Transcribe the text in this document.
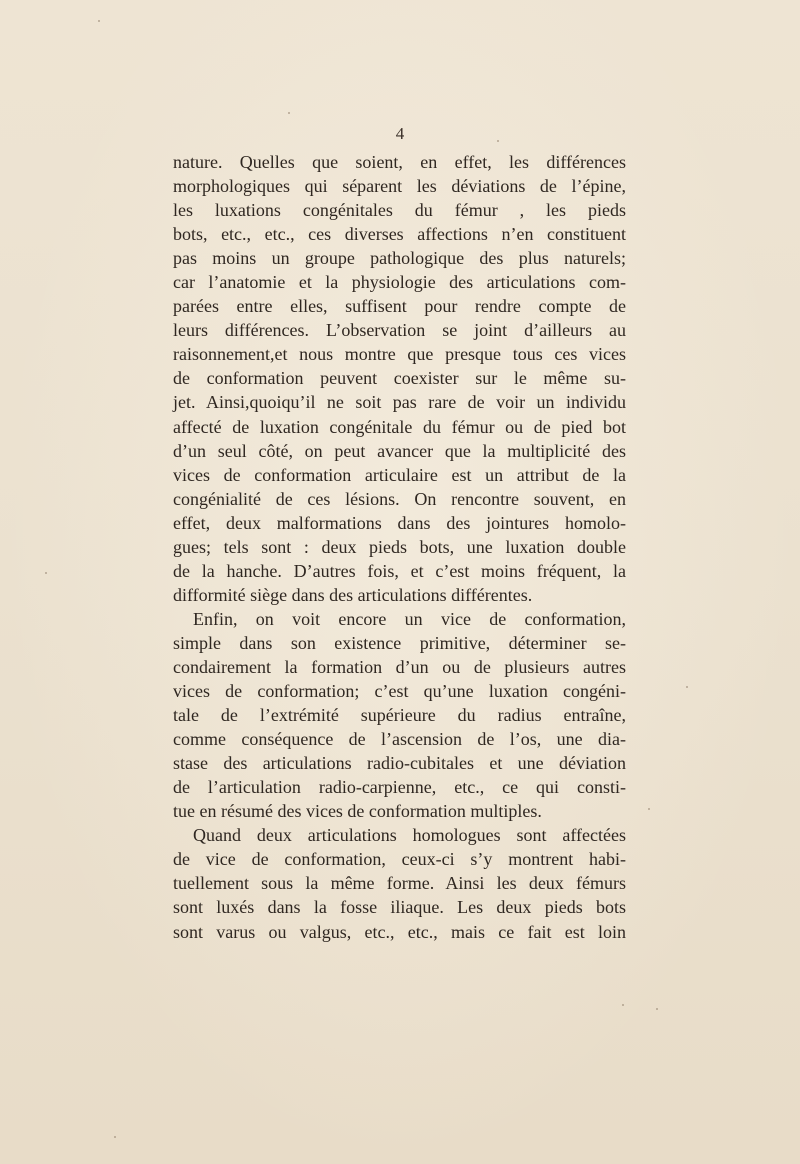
4
nature. Quelles que soient, en effet, les différences
morphologiques qui séparent les déviations de l’épine,
les luxations congénitales du fémur , les pieds
bots, etc., etc., ces diverses affections n’en constituent
pas moins un groupe pathologique des plus naturels;
car l’anatomie et la physiologie des articulations com-
parées entre elles, suffisent pour rendre compte de
leurs différences. L’observation se joint d’ailleurs au
raisonnement,et nous montre que presque tous ces vices
de conformation peuvent coexister sur le même su-
jet. Ainsi,quoiqu’il ne soit pas rare de voir un individu
affecté de luxation congénitale du fémur ou de pied bot
d’un seul côté, on peut avancer que la multiplicité des
vices de conformation articulaire est un attribut de la
congénialité de ces lésions. On rencontre souvent, en
effet, deux malformations dans des jointures homolo-
gues; tels sont : deux pieds bots, une luxation double
de la hanche. D’autres fois, et c’est moins fréquent, la
difformité siège dans des articulations différentes.
Enfin, on voit encore un vice de conformation,
simple dans son existence primitive, déterminer se-
condairement la formation d’un ou de plusieurs autres
vices de conformation; c’est qu’une luxation congéni-
tale de l’extrémité supérieure du radius entraîne,
comme conséquence de l’ascension de l’os, une dia-
stase des articulations radio-cubitales et une déviation
de l’articulation radio-carpienne, etc., ce qui consti-
tue en résumé des vices de conformation multiples.
Quand deux articulations homologues sont affectées
de vice de conformation, ceux-ci s’y montrent habi-
tuellement sous la même forme. Ainsi les deux fémurs
sont luxés dans la fosse iliaque. Les deux pieds bots
sont varus ou valgus, etc., etc., mais ce fait est loin
